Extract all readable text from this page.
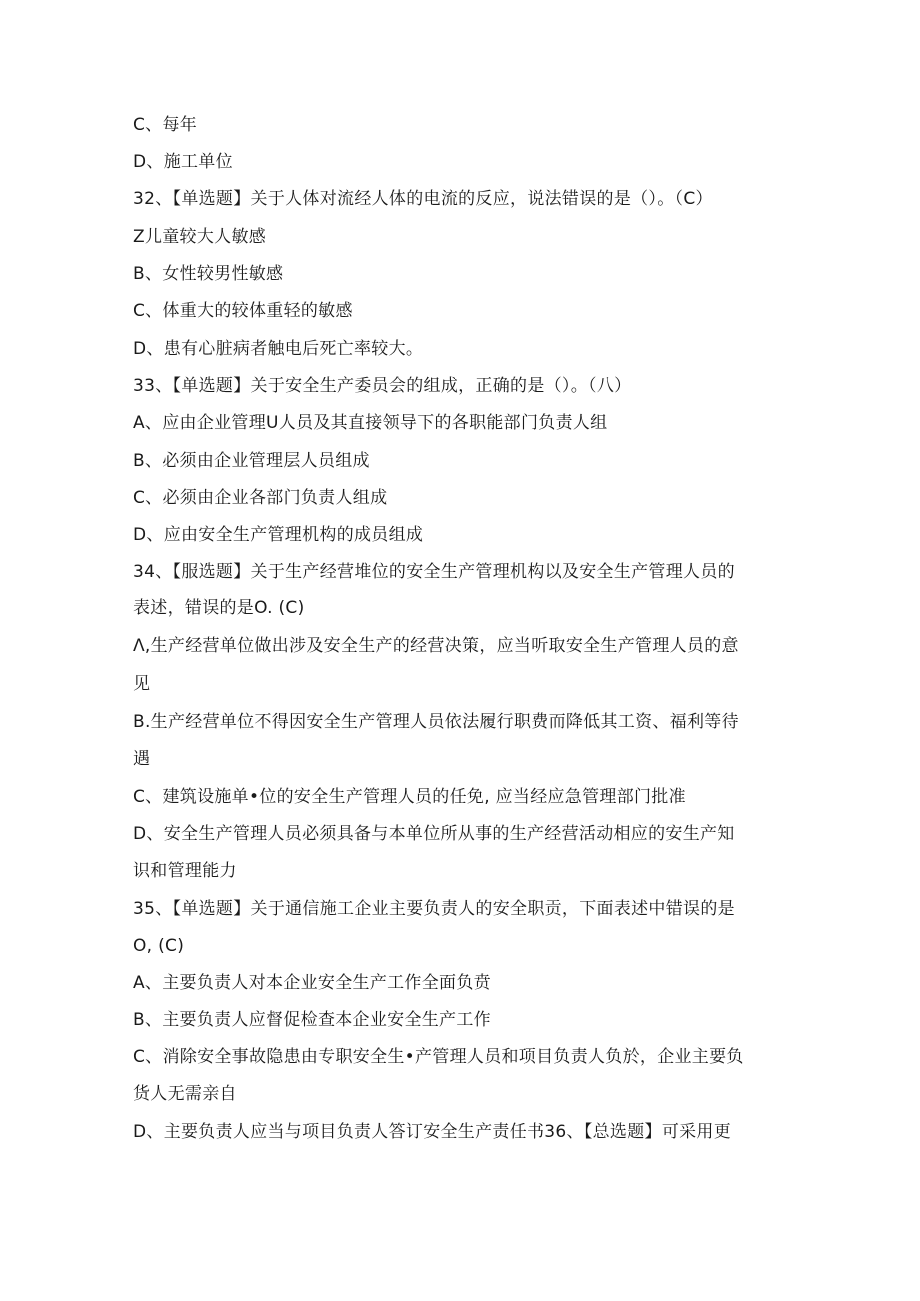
C、每年
D、施工单位
32、【单选题】关于人体对流经人体的电流的反应，说法错误的是（）。（C）
Z儿童较大人敏感
B、女性较男性敏感
C、体重大的较体重轻的敏感
D、患有心脏病者触电后死亡率较大。
33、【单选题】关于安全生产委员会的组成，正确的是（）。（八）
A、应由企业管理U人员及其直接领导下的各职能部门负责人组
B、必须由企业管理层人员组成
C、必须由企业各部门负责人组成
D、应由安全生产管理机构的成员组成
34、【服选题】关于生产经营堆位的安全生产管理机构以及安全生产管理人员的
表述，错误的是O. (C)
Λ,生产经营单位做出涉及安全生产的经营决策，应当听取安全生产管理人员的意
见
B.生产经营单位不得因安全生产管理人员依法履行职费而降低其工资、福利等待
遇
C、建筑设施单•位的安全生产管理人员的任免, 应当经应急管理部门批准
D、安全生产管理人员必须具备与本单位所从事的生产经营活动相应的安生产知
识和管理能力
35、【单选题】关于通信施工企业主要负责人的安全职贡，下面表述中错误的是
O, (C)
A、主要负责人对本企业安全生产工作全面负贲
B、主要负责人应督促检查本企业安全生产工作
C、消除安全事故隐患由专职安全生•产管理人员和项目负责人负於，企业主要负
货人无需亲自
D、主要负责人应当与项目负责人答订安全生产责任书36、【总选题】可采用更
